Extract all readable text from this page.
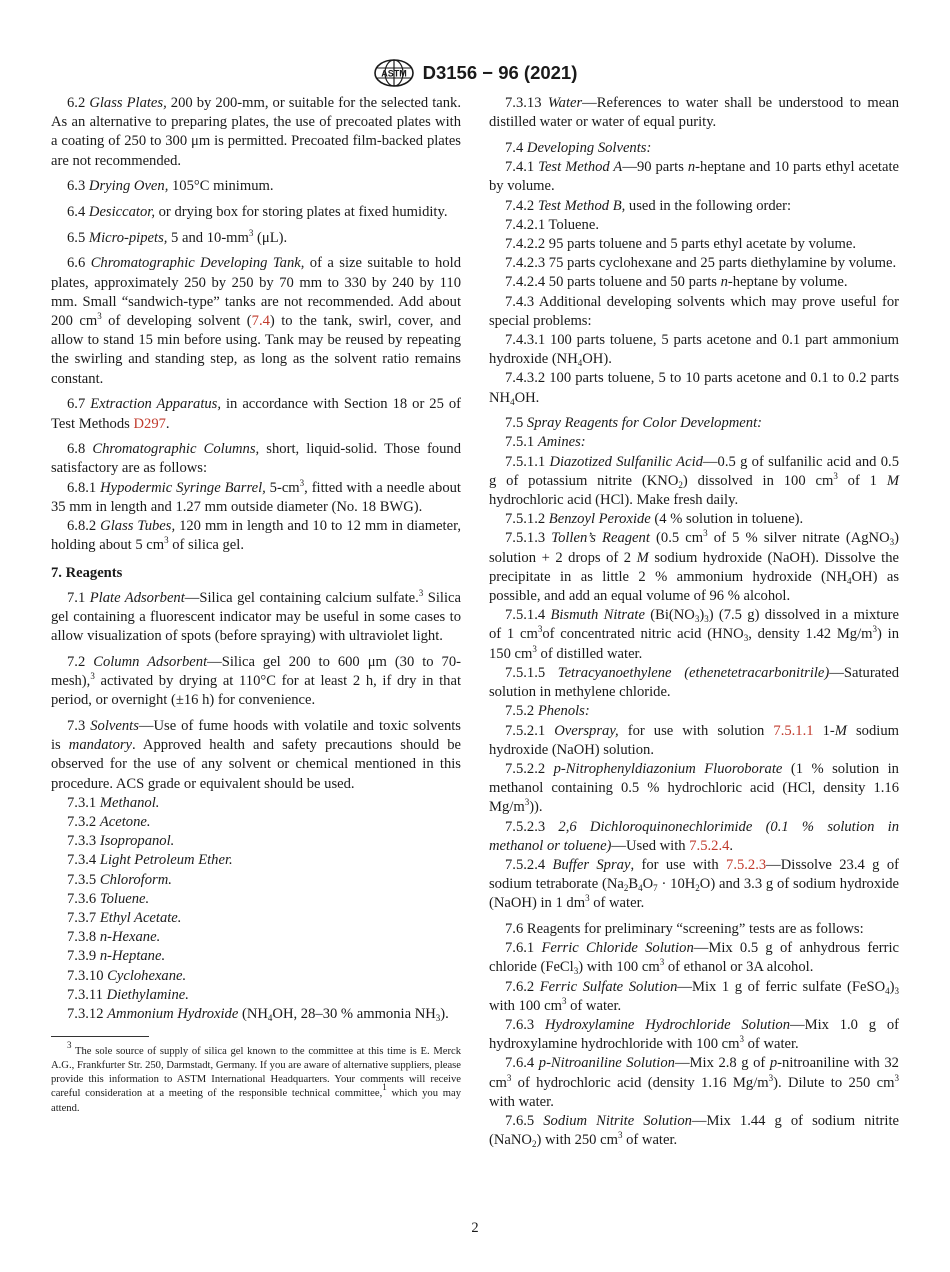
ASTM D3156 − 96 (2021)

6.2 Glass Plates, 200 by 200-mm, or suitable for the selected tank. As an alternative to preparing plates, the use of precoated plates with a coating of 250 to 300 μm is permitted. Precoated film-backed plates are not recommended.

6.3 Drying Oven, 105°C minimum.

6.4 Desiccator, or drying box for storing plates at fixed humidity.

6.5 Micro-pipets, 5 and $10-mm^3$ (μL).

6.6 Chromatographic Developing Tank, of a size suitable to hold plates, approximately 250 by 250 by 70 mm to 330 by 240 by 110 mm. Small “sandwich-type” tanks are not recommended. Add about 200 $cm^3$ of developing solvent (7.4) to the tank, swirl, cover, and allow to stand 15 min before using. Tank may be reused by repeating the swirling and standing step, as long as the solvent ratio remains constant.

6.7 Extraction Apparatus, in accordance with Section 18 or 25 of Test Methods D297.

6.8 Chromatographic Columns, short, liquid-solid. Those found satisfactory are as follows:

6.8.1 Hypodermic Syringe Barrel, $5-cm^3$, fitted with a needle about 35 mm in length and 1.27 mm outside diameter (No. 18 BWG).

6.8.2 Glass Tubes, 120 mm in length and 10 to 12 mm in diameter, holding about 5 $cm^3$ of silica gel.

7. Reagents

7.1 Plate Adsorbent—Silica gel containing calcium sulfate.$^3$ Silica gel containing a fluorescent indicator may be useful in some cases to allow visualization of spots (before spraying) with ultraviolet light.

7.2 Column Adsorbent—Silica gel 200 to 600 μm (30 to 70-mesh),$^3$ activated by drying at 110°C for at least 2 h, if dry in that period, or overnight (±16 h) for convenience.

7.3 Solvents—Use of fume hoods with volatile and toxic solvents is mandatory. Approved health and safety precautions should be observed for the use of any solvent or chemical mentioned in this procedure. ACS grade or equivalent should be used.

7.3.1 Methanol.

7.3.2 Acetone.

7.3.3 Isopropanol.

7.3.4 Light Petroleum Ether.

7.3.5 Chloroform.

7.3.6 Toluene.

7.3.7 Ethyl Acetate.

7.3.8 n-Hexane.

7.3.9 n-Heptane.

7.3.10 Cyclohexane.

7.3.11 Diethylamine.

7.3.12 Ammonium Hydroxide ($NH_4OH$, 28–30 % ammonia $NH_3$).

$^3$ The sole source of supply of silica gel known to the committee at this time is E. Merck A.G., Frankfurter Str. 250, Darmstadt, Germany. If you are aware of alternative suppliers, please provide this information to ASTM International Headquarters. Your comments will receive careful consideration at a meeting of the responsible technical committee,$^1$ which you may attend.

7.3.13 Water—References to water shall be understood to mean distilled water or water of equal purity.

7.4 Developing Solvents:

7.4.1 Test Method A—90 parts n-heptane and 10 parts ethyl acetate by volume.

7.4.2 Test Method B, used in the following order:

7.4.2.1 Toluene.

7.4.2.2 95 parts toluene and 5 parts ethyl acetate by volume.

7.4.2.3 75 parts cyclohexane and 25 parts diethylamine by volume.

7.4.2.4 50 parts toluene and 50 parts n-heptane by volume.

7.4.3 Additional developing solvents which may prove useful for special problems:

7.4.3.1 100 parts toluene, 5 parts acetone and 0.1 part ammonium hydroxide $(NH_4OH)$.

7.4.3.2 100 parts toluene, 5 to 10 parts acetone and 0.1 to 0.2 parts $NH_4OH$.

7.5 Spray Reagents for Color Development:

7.5.1 Amines:

7.5.1.1 Diazotized Sulfanilic Acid—0.5 g of sulfanilic acid and 0.5 g of potassium nitrite $(KNO_2)$ dissolved in 100 $cm^3$ of 1 M hydrochloric acid (HCl). Make fresh daily.

7.5.1.2 Benzoyl Peroxide (4 % solution in toluene).

7.5.1.3 Tollen’s Reagent (0.5 $cm^3$ of 5 % silver nitrate (AgNO$_3$) solution + 2 drops of 2 M sodium hydroxide (NaOH). Dissolve the precipitate in as little 2 % ammonium hydroxide $(NH_4OH)$ as possible, and add an equal volume of 96 % alcohol.

7.5.1.4 Bismuth Nitrate $(Bi(NO_3)_3)$ (7.5 g) dissolved in a mixture of 1 $cm^3of$ concentrated nitric acid ($HNO_3$, density 1.42 $Mg/m^3$) in 150 $cm^3$ of distilled water.

7.5.1.5 Tetracyanoethylene (ethenetetracarbonitrile)—Saturated solution in methylene chloride.

7.5.2 Phenols:

7.5.2.1 Overspray, for use with solution 7.5.1.1 1-M sodium hydroxide (NaOH) solution.

7.5.2.2 p-Nitrophenyldiazonium Fluoroborate (1 % solution in methanol containing 0.5 % hydrochloric acid (HCl, density 1.16 $Mg/m^3$)).

7.5.2.3 2,6 Dichloroquinonechlorimide (0.1 % solution in methanol or toluene)—Used with 7.5.2.4.

7.5.2.4 Buffer Spray, for use with 7.5.2.3—Dissolve 23.4 g of sodium tetraborate $(Na_2B_4O_7 \cdot 10H_2O)$ and 3.3 g of sodium hydroxide (NaOH) in 1 $dm^3$ of water.

7.6 Reagents for preliminary “screening” tests are as follows:

7.6.1 Ferric Chloride Solution—Mix 0.5 g of anhydrous ferric chloride (FeCl$_3$) with 100 $cm^3$ of ethanol or 3A alcohol.

7.6.2 Ferric Sulfate Solution—Mix 1 g of ferric sulfate $(FeSO_4)_3$ with 100 $cm^3$ of water.

7.6.3 Hydroxylamine Hydrochloride Solution—Mix 1.0 g of hydroxylamine hydrochloride with 100 $cm^3$ of water.

7.6.4 p-Nitroaniline Solution—Mix 2.8 g of p-nitroaniline with 32 $cm^3$ of hydrochloric acid (density 1.16 $Mg/m^3$). Dilute to 250 $cm^3$ with water.

7.6.5 Sodium Nitrite Solution—Mix 1.44 g of sodium nitrite (NaNO$_2$) with 250 $cm^3$ of water.

2
